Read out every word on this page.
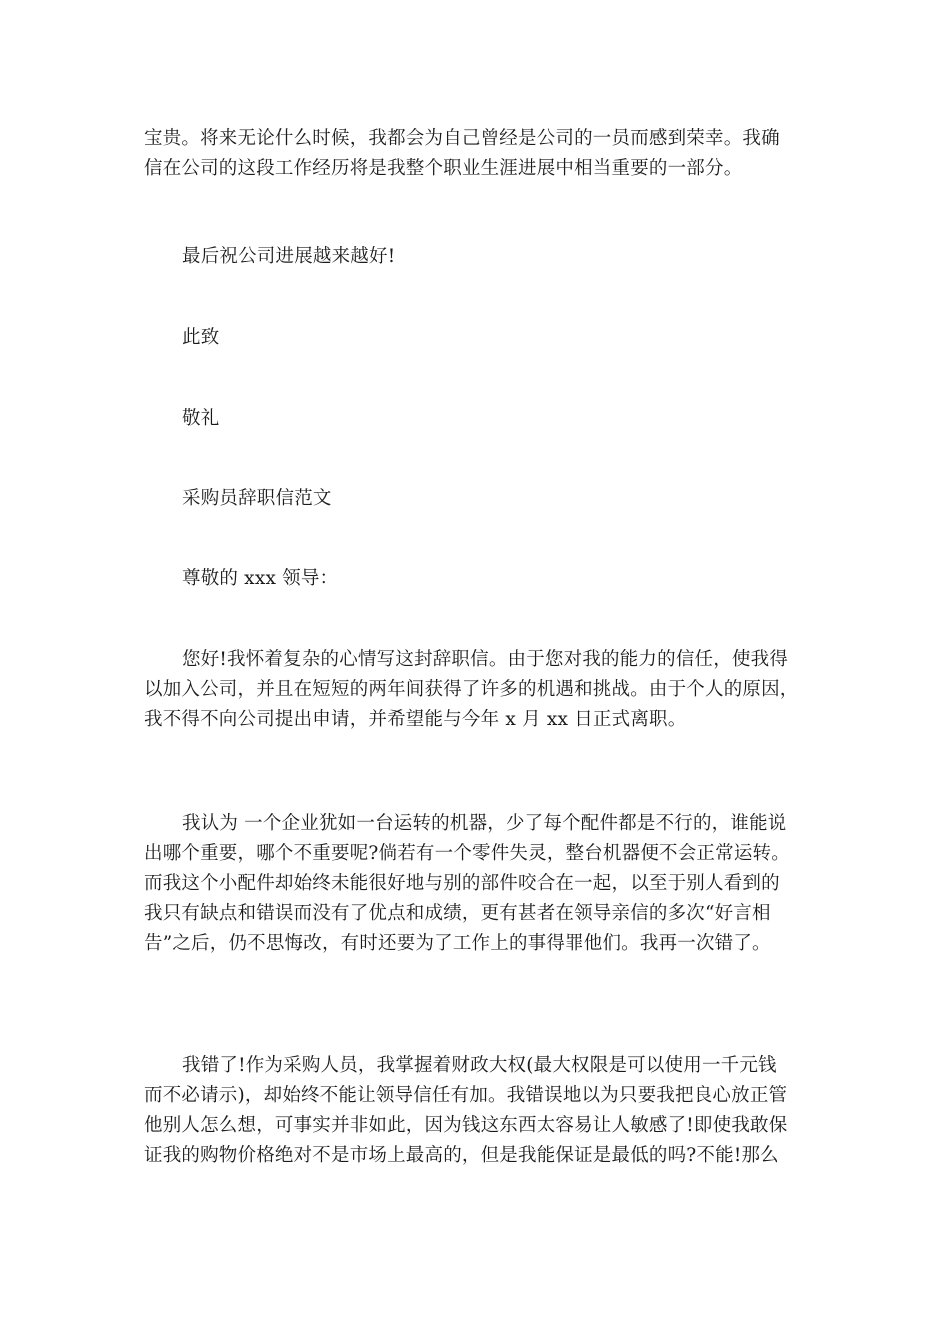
宝贵。将来无论什么时候，我都会为自己曾经是公司的一员而感到荣幸。我确
信在公司的这段工作经历将是我整个职业生涯进展中相当重要的一部分。

最后祝公司进展越来越好!

此致

敬礼

采购员辞职信范文

尊敬的 xxx 领导：

您好!我怀着复杂的心情写这封辞职信。由于您对我的能力的信任，使我得
以加入公司，并且在短短的两年间获得了许多的机遇和挑战。由于个人的原因，
我不得不向公司提出申请，并希望能与今年 x 月 xx 日正式离职。

我认为 一个企业犹如一台运转的机器，少了每个配件都是不行的，谁能说
出哪个重要，哪个不重要呢?倘若有一个零件失灵，整台机器便不会正常运转。
而我这个小配件却始终未能很好地与别的部件咬合在一起，以至于别人看到的
我只有缺点和错误而没有了优点和成绩，更有甚者在领导亲信的多次“好言相
告”之后，仍不思悔改，有时还要为了工作上的事得罪他们。我再一次错了。

我错了!作为采购人员，我掌握着财政大权(最大权限是可以使用一千元钱
而不必请示)，却始终不能让领导信任有加。我错误地以为只要我把良心放正管
他别人怎么想，可事实并非如此，因为钱这东西太容易让人敏感了!即使我敢保
证我的购物价格绝对不是市场上最高的，但是我能保证是最低的吗?不能!那么
